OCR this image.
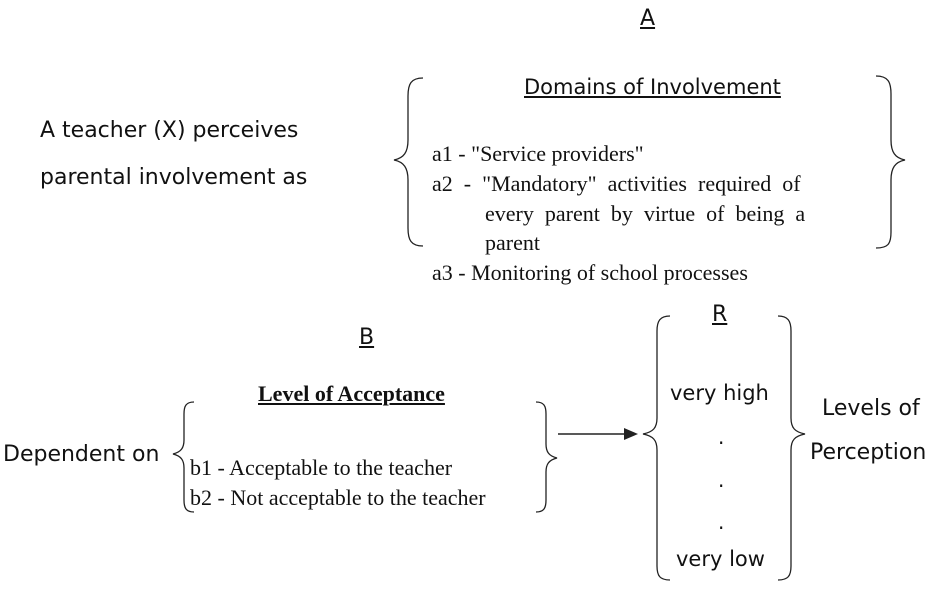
A
A teacher (X) perceives
parental involvement as
Domains of Involvement
a1 - "Service providers"
a2  -  "Mandatory"  activities  required  of
every  parent  by  virtue  of  being  a
parent
a3 - Monitoring of school processes
B
Dependent on
Level of Acceptance
b1 - Acceptable to the teacher
b2 - Not acceptable to the teacher
R
very high
.
.
.
very low
Levels of
Perception
